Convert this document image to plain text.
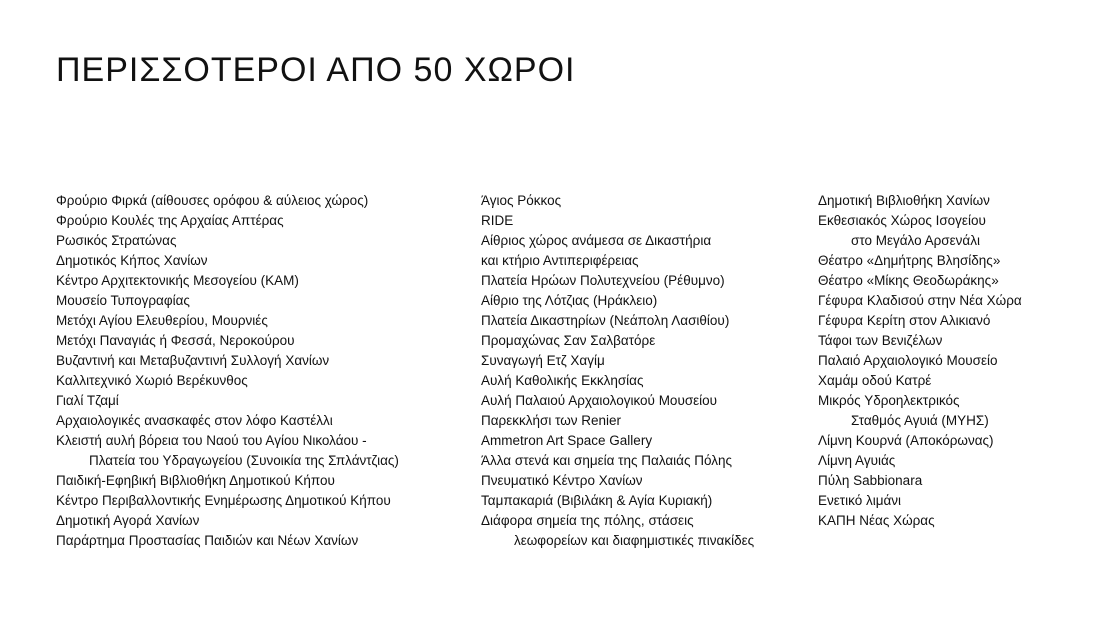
ΠΕΡΙΣΣΟΤΕΡΟΙ ΑΠΟ 50 ΧΩΡΟΙ
Φρούριο Φιρκά (αίθουσες ορόφου & αύλειος χώρος)
Φρούριο Κουλές της Αρχαίας Απτέρας
Ρωσικός Στρατώνας
Δημοτικός Κήπος Χανίων
Κέντρο Αρχιτεκτονικής Μεσογείου (ΚΑΜ)
Μουσείο Τυπογραφίας
Μετόχι Αγίου Ελευθερίου, Μουρνιές
Μετόχι Παναγιάς ή Φεσσά, Νεροκούρου
Βυζαντινή και Μεταβυζαντινή Συλλογή Χανίων
Καλλιτεχνικό Χωριό Βερέκυνθος
Γιαλί Τζαμί
Αρχαιολογικές ανασκαφές στον λόφο Καστέλλι
Κλειστή αυλή βόρεια του Ναού του Αγίου Νικολάου -
Πλατεία του Υδραγωγείου (Συνοικία της Σπλάντζιας)
Παιδική-Εφηβική Βιβλιοθήκη Δημοτικού Κήπου
Κέντρο Περιβαλλοντικής Ενημέρωσης Δημοτικού Κήπου
Δημοτική Αγορά Χανίων
Παράρτημα Προστασίας Παιδιών και Νέων Χανίων
Άγιος Ρόκκος
RIDE
Αίθριος χώρος ανάμεσα σε Δικαστήρια
και κτήριο Αντιπεριφέρειας
Πλατεία Ηρώων Πολυτεχνείου (Ρέθυμνο)
Αίθριο της Λότζιας (Ηράκλειο)
Πλατεία Δικαστηρίων (Νεάπολη Λασιθίου)
Προμαχώνας Σαν Σαλβατόρε
Συναγωγή Ετζ Χαγίμ
Αυλή Καθολικής Εκκλησίας
Αυλή Παλαιού Αρχαιολογικού Μουσείου
Παρεκκλήσι των Renier
Ammetron Art Space Gallery
Άλλα στενά και σημεία της Παλαιάς Πόλης
Πνευματικό Κέντρο Χανίων
Ταμπακαριά (Βιβιλάκη & Αγία Κυριακή)
Διάφορα σημεία της πόλης, στάσεις
λεωφορείων και διαφημιστικές πινακίδες
Δημοτική Βιβλιοθήκη Χανίων
Εκθεσιακός Χώρος Ισογείου
στο Μεγάλο Αρσενάλι
Θέατρο «Δημήτρης Βλησίδης»
Θέατρο «Μίκης Θεοδωράκης»
Γέφυρα Κλαδισού στην Νέα Χώρα
Γέφυρα Κερίτη στον Αλικιανό
Τάφοι των Βενιζέλων
Παλαιό Αρχαιολογικό Μουσείο
Χαμάμ οδού Κατρέ
Μικρός Υδροηλεκτρικός
Σταθμός Αγυιά (ΜΥΗΣ)
Λίμνη Κουρνά (Αποκόρωνας)
Λίμνη Αγυιάς
Πύλη Sabbionara
Ενετικό λιμάνι
ΚΑΠΗ Νέας Χώρας
